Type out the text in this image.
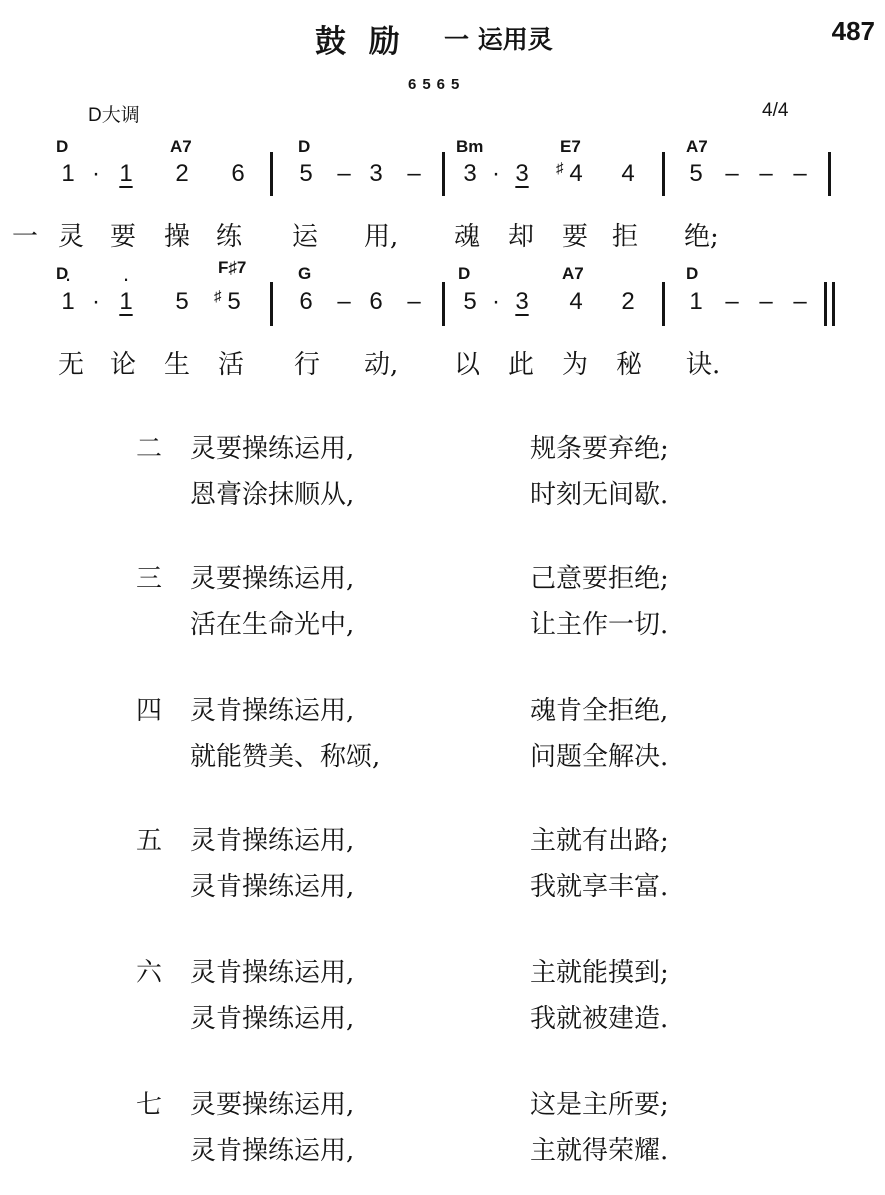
鼓 励 一 运用灵	487
6565
D大调	4/4
D	A7	D	Bm	E7	A7
1 · 1 2 6 5 – 3 – 3 · 3 ♯ 4 4 5 – – –
一 灵 要 操 练 运 用, 魂 却 要 拒 绝;
D	F♯7	G	D	A7	D
· 1 ·
· 1 5 ♯ 5 6 – 6 – 5 · 3 4 2 1 – – –
无 论 生 活 行 动, 以 此 为 秘 诀.
二 灵要操练运用,	规条要弃绝;
恩膏涂抹顺从,	时刻无间歇.
三 灵要操练运用,	己意要拒绝;
活在生命光中,	让主作一切.
四 灵肯操练运用,	魂肯全拒绝,
就能赞美、称颂,	问题全解决.
五 灵肯操练运用,	主就有出路;
灵肯操练运用,	我就享丰富.
六 灵肯操练运用,	主就能摸到;
灵肯操练运用,	我就被建造.
七 灵要操练运用,	这是主所要;
灵肯操练运用,	主就得荣耀.
